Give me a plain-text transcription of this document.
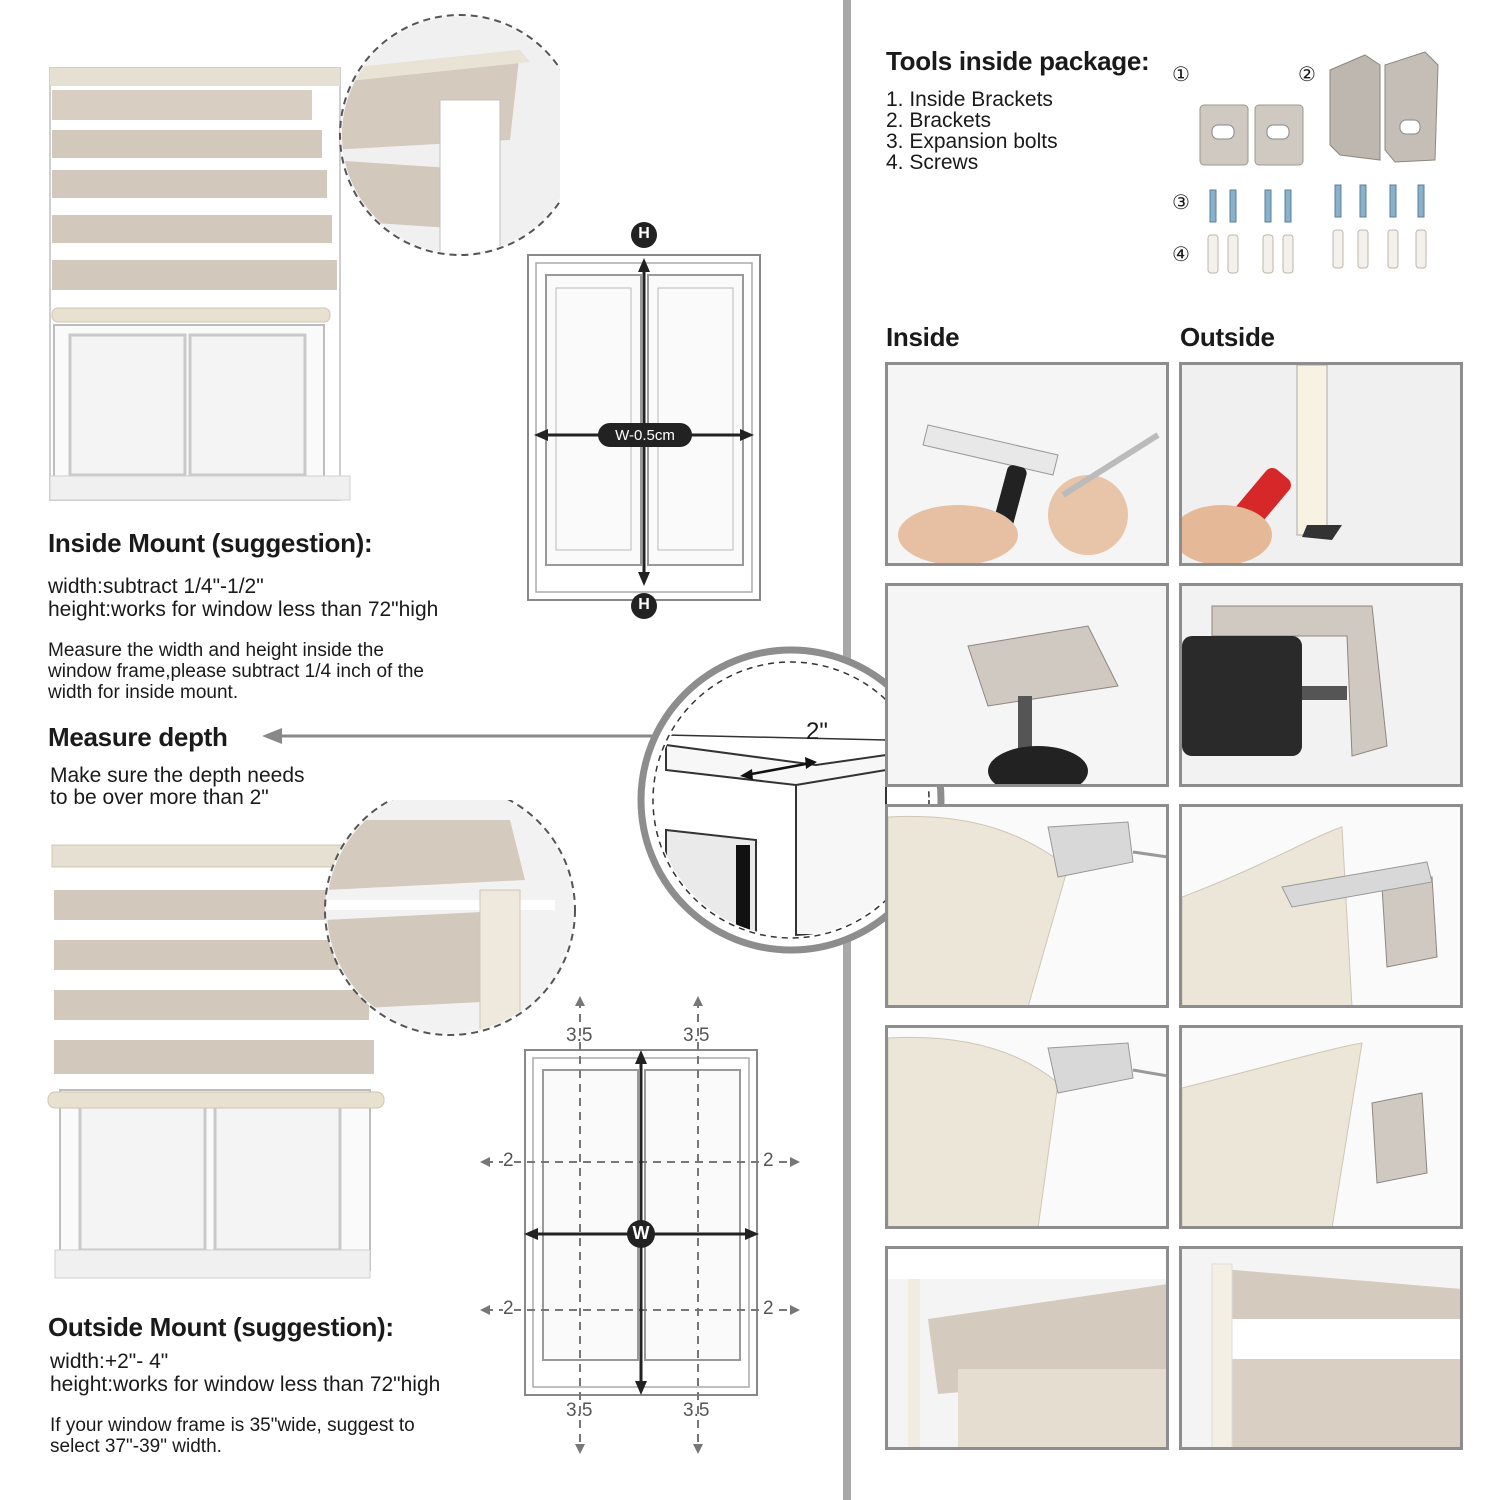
Inside Mount (suggestion):
width:subtract 1/4"-1/2"
height:works for window less than 72"high
Measure the width and height inside the
window frame,please subtract 1/4 inch of the
width for inside mount.
H
H
W-0.5cm
Measure depth
Make sure the depth needs
to be over more than 2"
2"
W
3.5	3.5
3.5	3.5
2	2
2	2
Outside Mount (suggestion):
width:+2"- 4"
height:works for window less than 72"high
If your window frame is 35"wide, suggest to
select 37"-39" width.
Tools inside package:
1. Inside Brackets
2. Brackets
3. Expansion bolts
4. Screws
①	②
③
④
Inside	Outside
